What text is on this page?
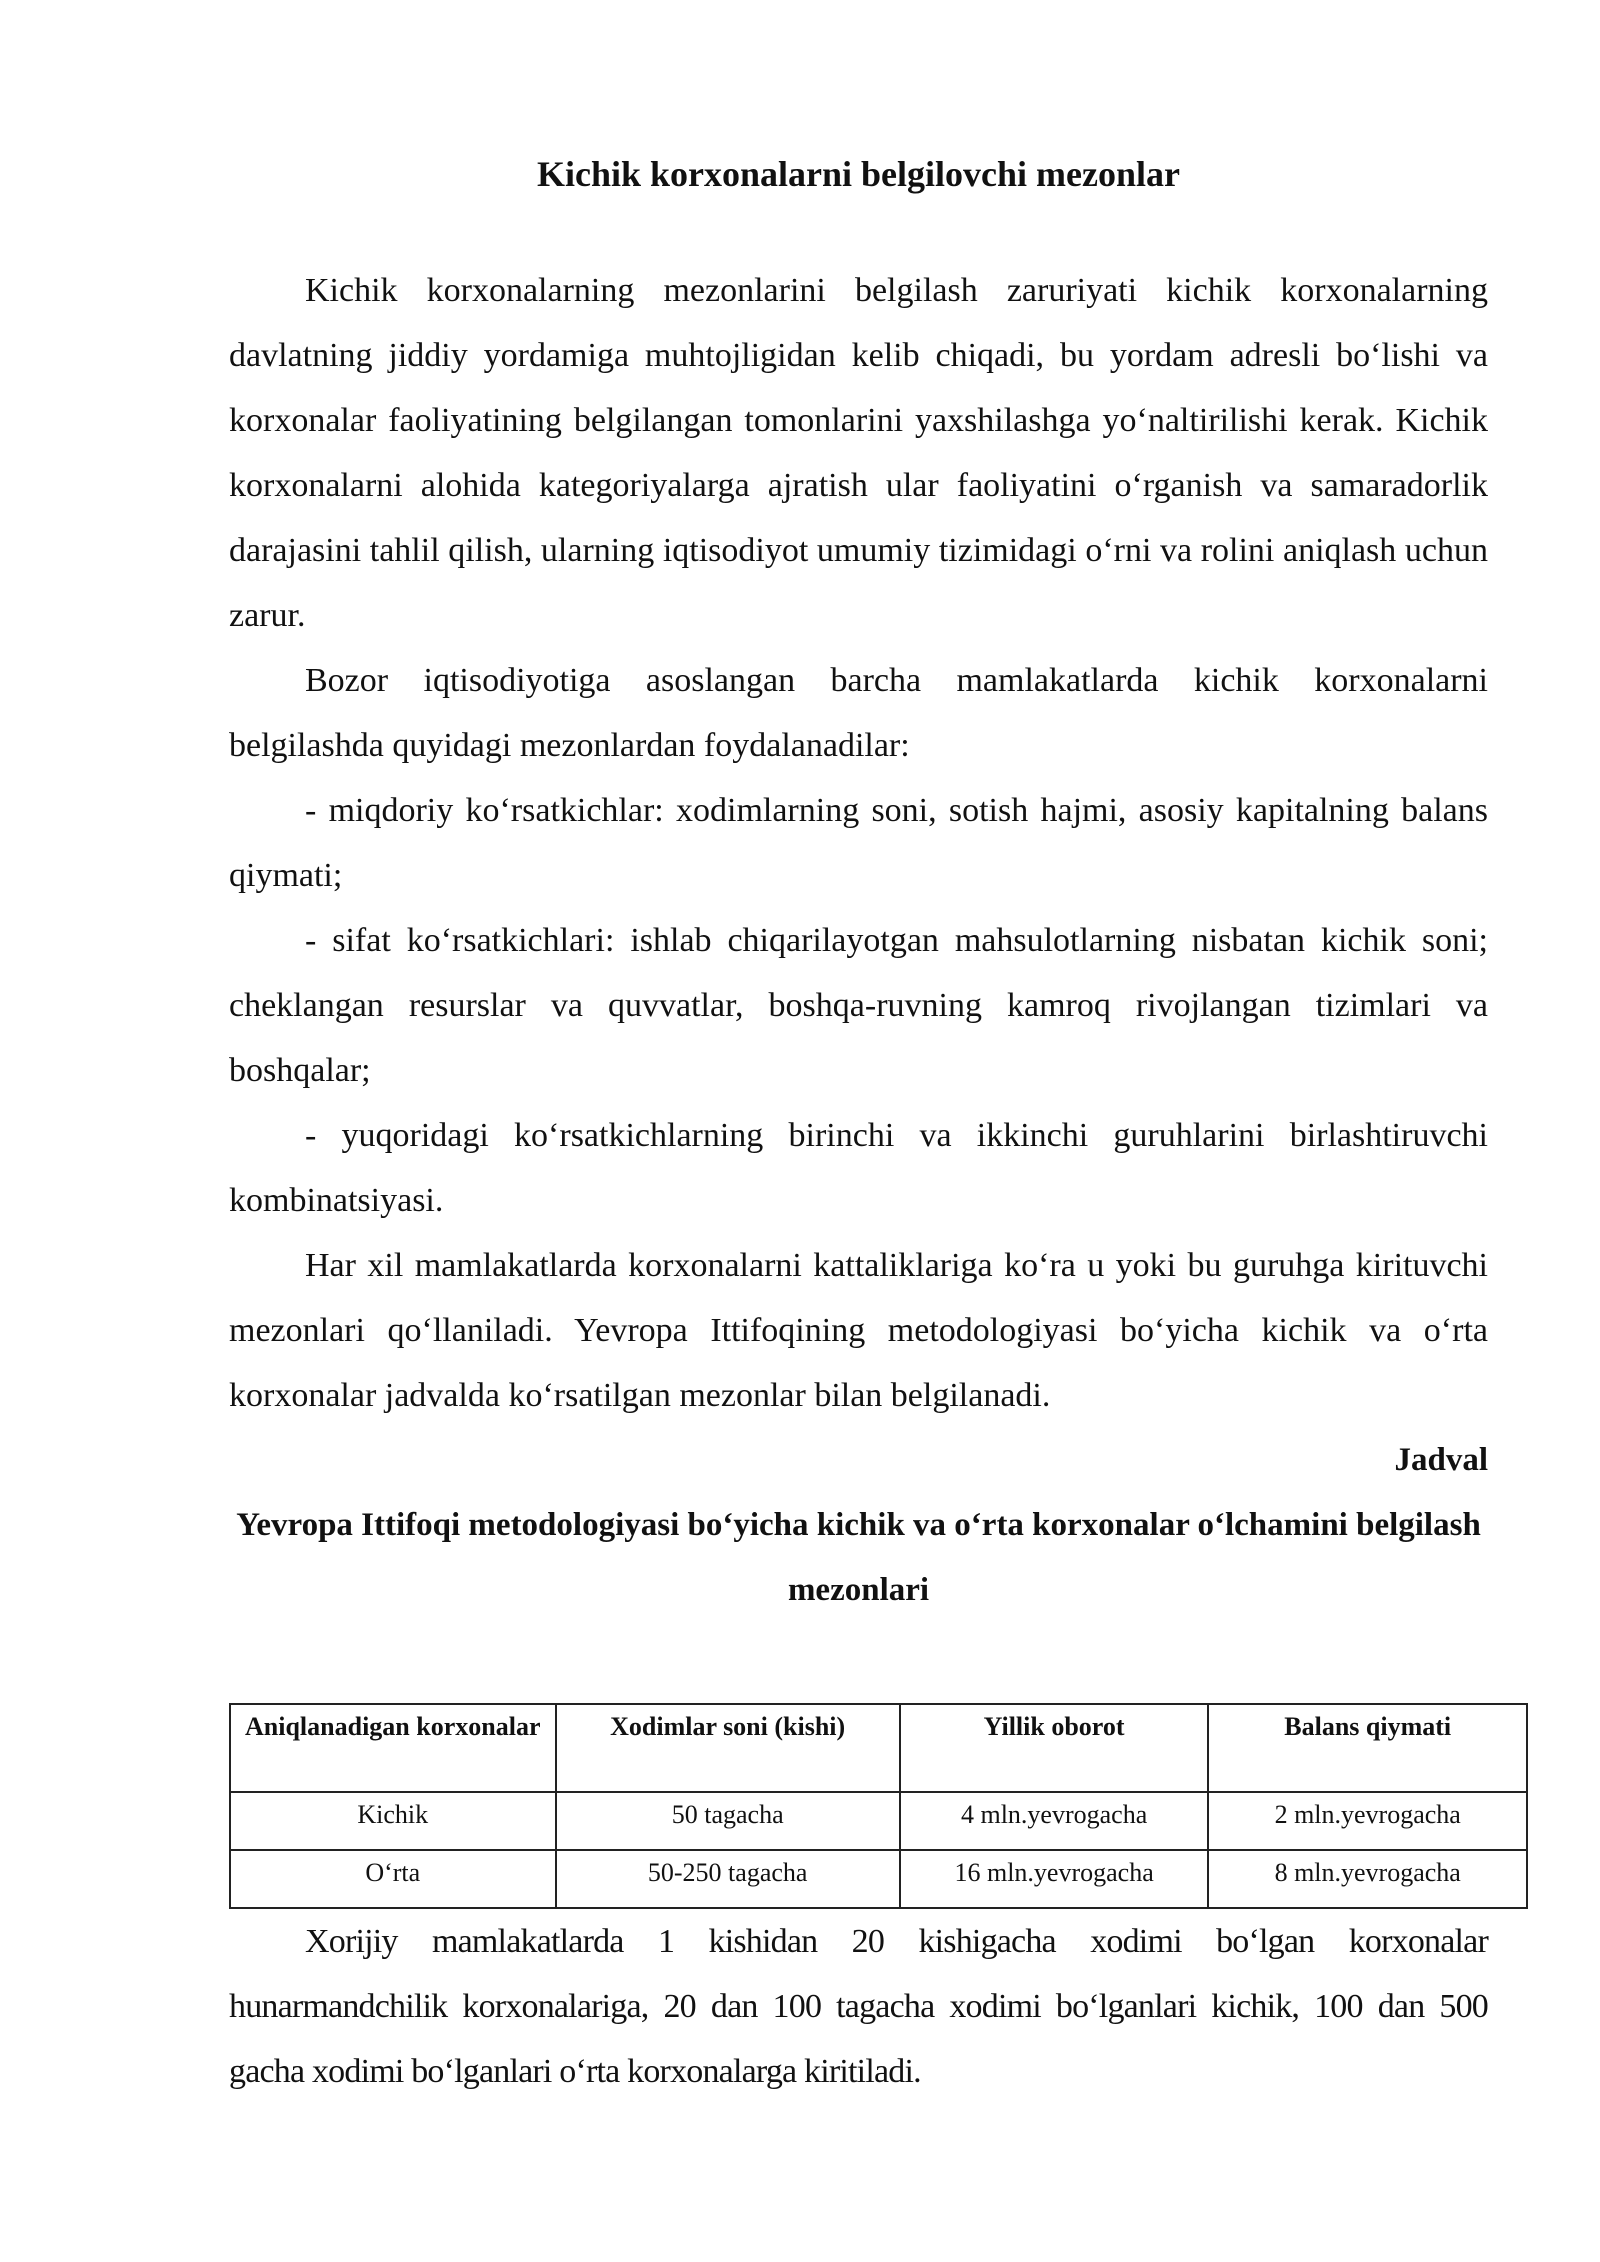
Kichik korxonalarni belgilovchi mezonlar

Kichik korxonalarning mezonlarini belgilash zaruriyati kichik korxonalarning davlatning jiddiy yordamiga muhtojligidan kelib chiqadi, bu yordam adresli bo‘lishi va korxonalar faoliyatining belgilangan tomonlarini yaxshilashga yo‘naltirilishi kerak. Kichik korxonalarni alohida kategoriyalarga ajratish ular faoliyatini o‘rganish va samaradorlik darajasini tahlil qilish, ularning iqtisodiyot umumiy tizimidagi o‘rni va rolini aniqlash uchun zarur.

Bozor iqtisodiyotiga asoslangan barcha mamlakatlarda kichik korxonalarni belgilashda quyidagi mezonlardan foydalanadilar:

- miqdoriy ko‘rsatkichlar: xodimlarning soni, sotish hajmi, asosiy kapitalning balans qiymati;

- sifat ko‘rsatkichlari: ishlab chiqarilayotgan mahsulotlarning nisbatan kichik soni; cheklangan resurslar va quvvatlar, boshqa-ruvning kamroq rivojlangan tizimlari va boshqalar;

- yuqoridagi ko‘rsatkichlarning birinchi va ikkinchi guruhlarini birlashtiruvchi kombinatsiyasi.

Har xil mamlakatlarda korxonalarni kattaliklariga ko‘ra u yoki bu guruhga kirituvchi mezonlari qo‘llaniladi. Yevropa Ittifoqining metodologiyasi bo‘yicha kichik va o‘rta korxonalar jadvalda ko‘rsatilgan mezonlar bilan belgilanadi.

Jadval

Yevropa Ittifoqi metodologiyasi bo‘yicha kichik va o‘rta korxonalar o‘lchamini belgilash mezonlari

Aniqlanadigan korxonalar	Xodimlar soni (kishi)	Yillik oborot	Balans qiymati
Kichik	50 tagacha	4 mln.yevrogacha	2 mln.yevrogacha
O‘rta	50-250 tagacha	16 mln.yevrogacha	8 mln.yevrogacha

Xorijiy mamlakatlarda 1 kishidan 20 kishigacha xodimi bo‘lgan korxonalar hunarmandchilik korxonalariga, 20 dan 100 tagacha xodimi bo‘lganlari kichik, 100 dan 500 gacha xodimi bo‘lganlari o‘rta korxonalarga kiritiladi.
